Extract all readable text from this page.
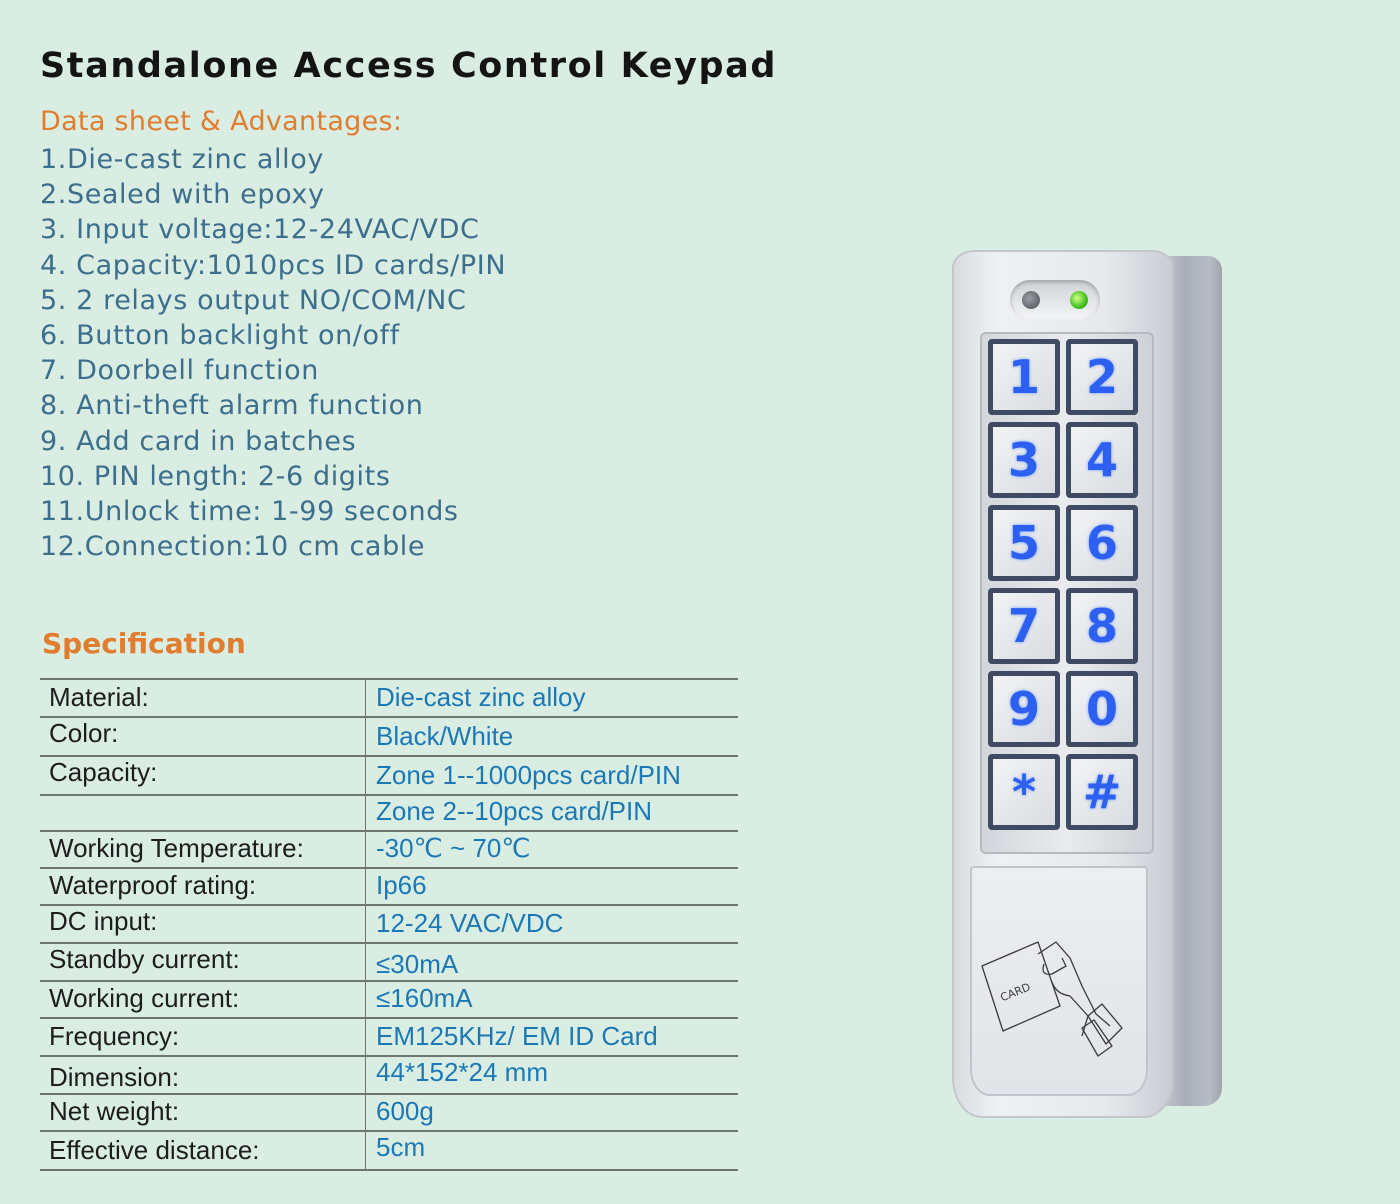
Standalone Access Control Keypad
Data sheet & Advantages:
1.Die-cast zinc alloy
2.Sealed with epoxy
3. Input voltage:12-24VAC/VDC
4. Capacity:1010pcs ID cards/PIN
5. 2 relays output NO/COM/NC
6. Button backlight on/off
7. Doorbell function
8. Anti-theft alarm function
9. Add card in batches
10. PIN length: 2-6 digits
11.Unlock time: 1-99 seconds
12.Connection:10 cm cable
Specification
Material:	Die-cast zinc alloy

Color:	Black/White

Capacity:	Zone 1--1000pcs card/PIN

	Zone 2--10pcs card/PIN

Working Temperature:	-30℃ ~ 70℃

Waterproof rating:	Ip66

DC input:	12-24 VAC/VDC

Standby current:	≤30mA

Working current:	≤160mA

Frequency:	EM125KHz/ EM ID Card

Dimension:	44*152*24 mm

Net weight:	600g

Effective distance:	5cm
1 2
3 4
5 6
7 8
9 0
*	#
CARD
